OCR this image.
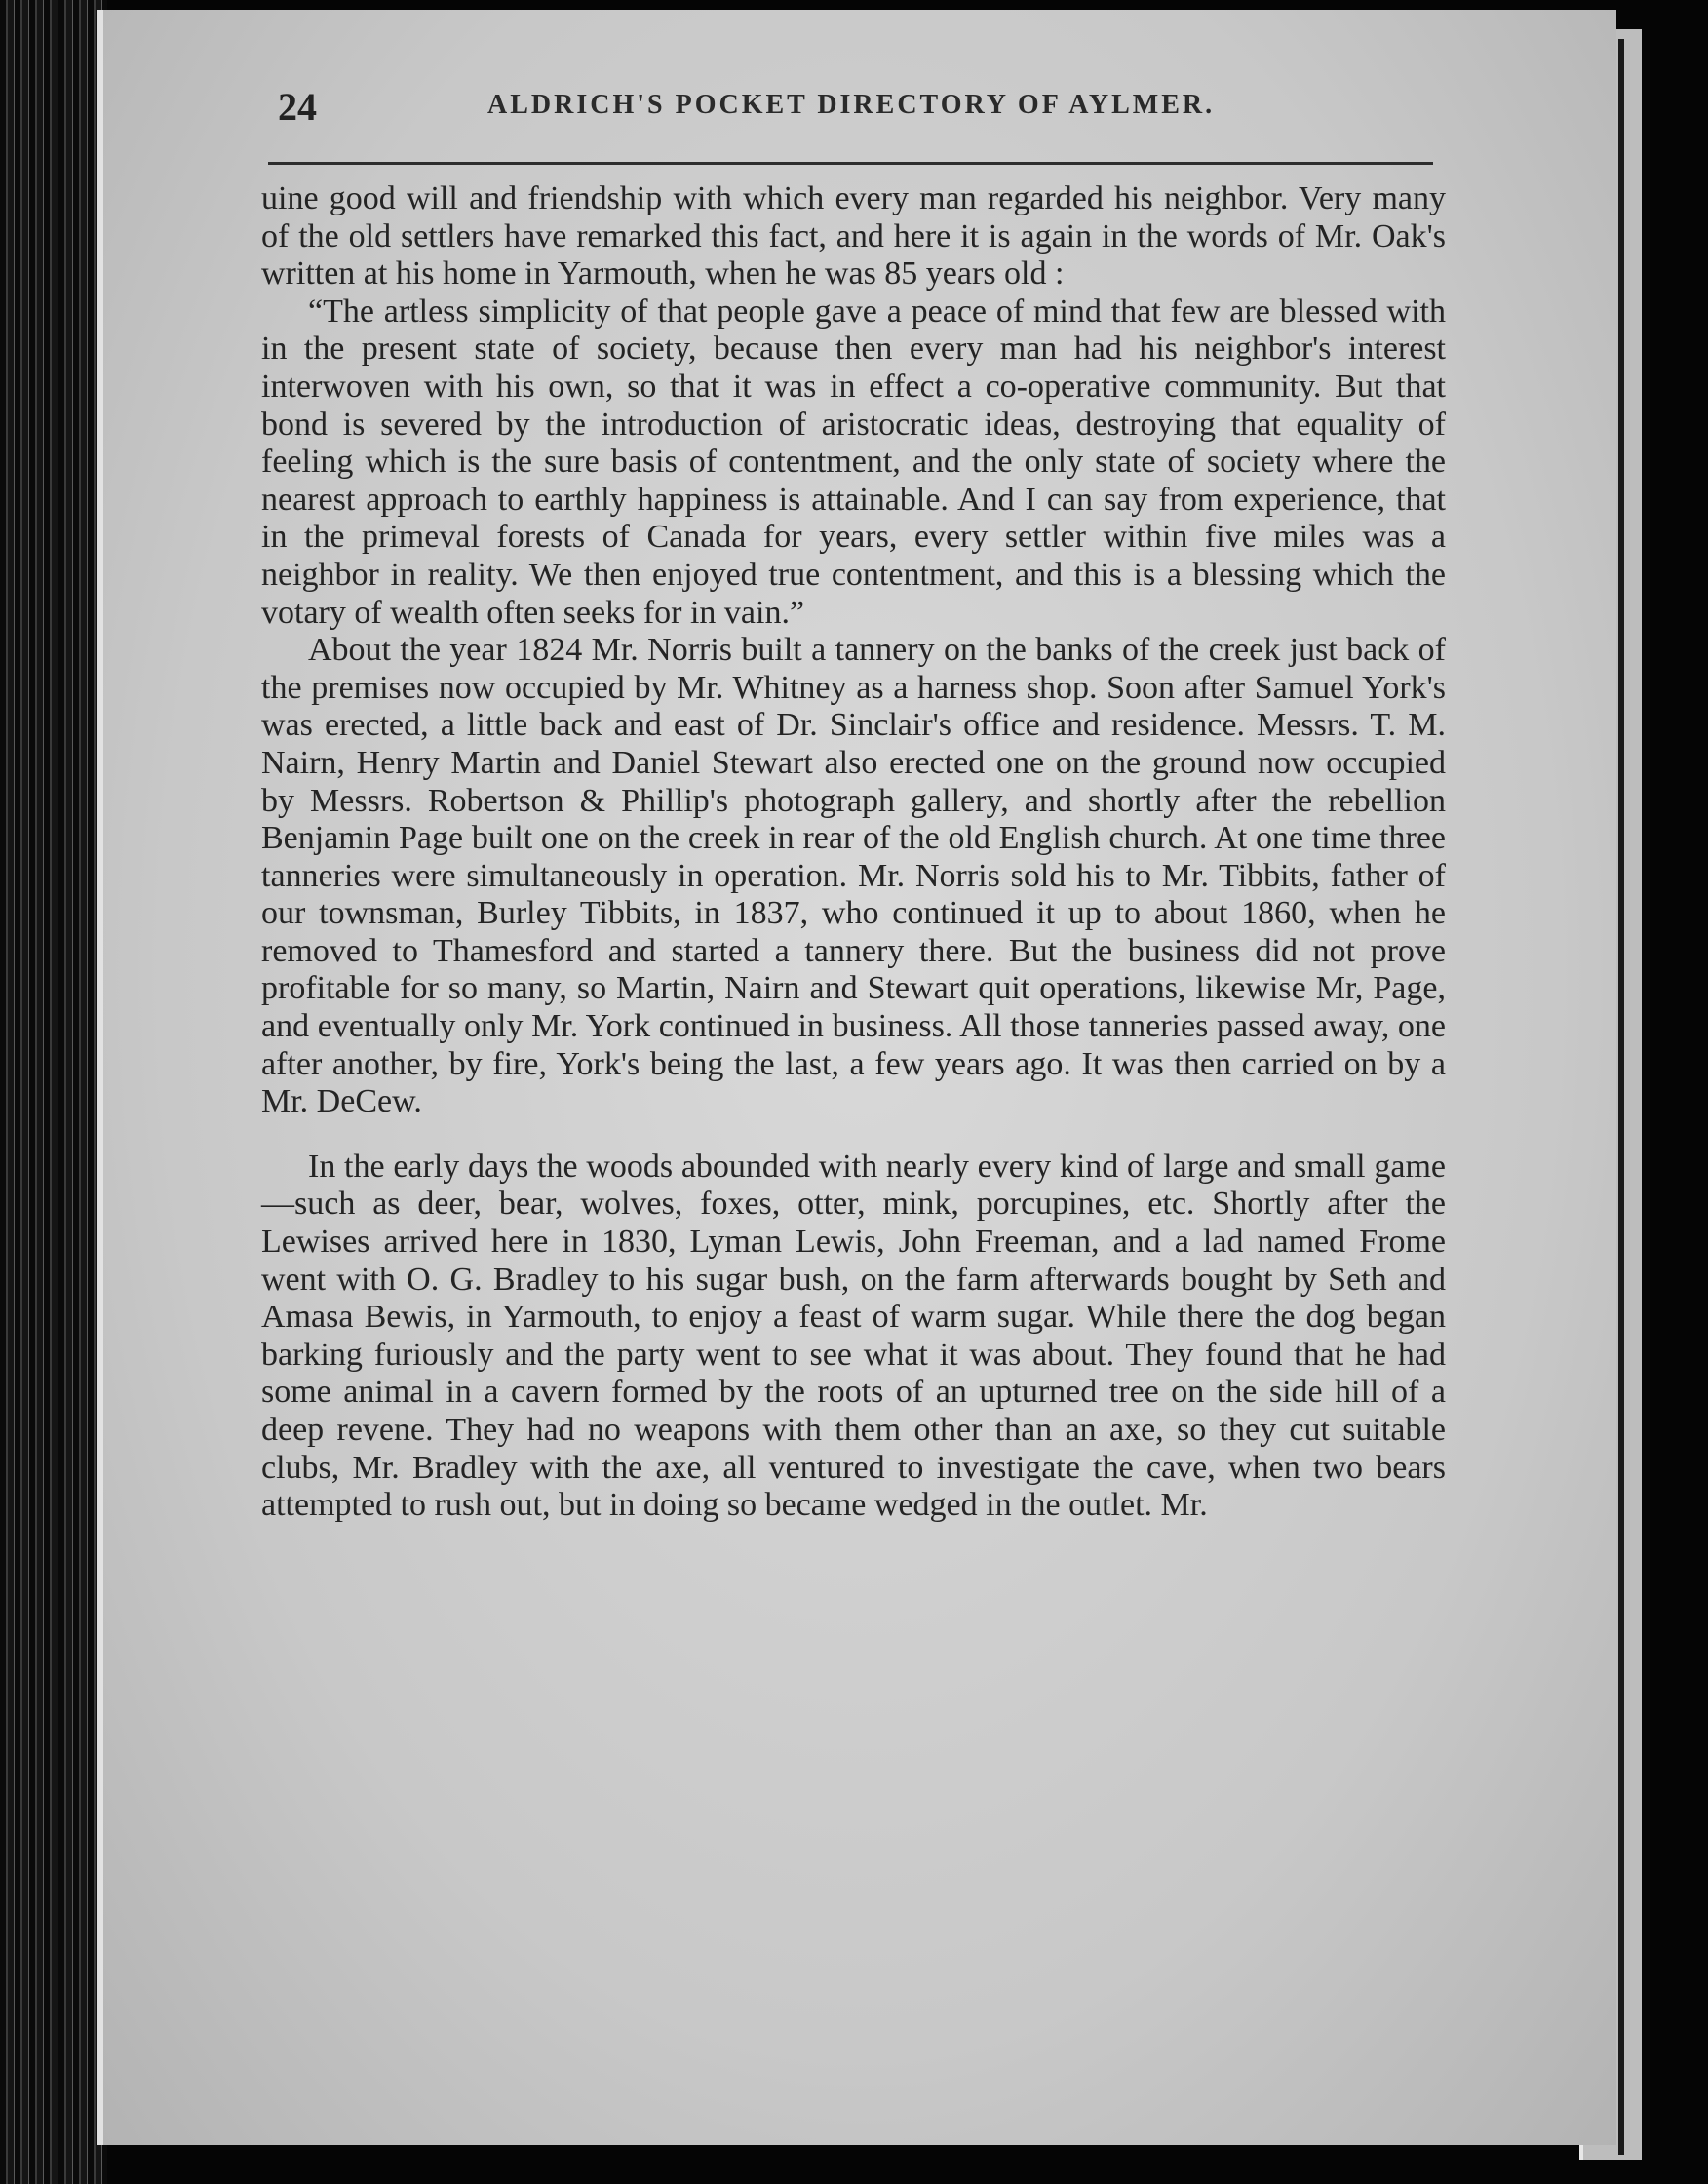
24	ALDRICH'S POCKET DIRECTORY OF AYLMER.

uine good will and friendship with which every man regarded his neighbor. Very many of the old settlers have remarked this fact, and here it is again in the words of Mr. Oak's written at his home in Yarmouth, when he was 85 years old :

“The artless simplicity of that people gave a peace of mind that few are blessed with in the present state of society, because then every man had his neighbor's interest interwoven with his own, so that it was in effect a co-operative community. But that bond is severed by the introduction of aristocratic ideas, destroying that equality of feeling which is the sure basis of contentment, and the only state of society where the nearest approach to earthly happiness is attainable. And I can say from experience, that in the primeval forests of Canada for years, every settler within five miles was a neighbor in reality. We then enjoyed true contentment, and this is a blessing which the votary of wealth often seeks for in vain.”

About the year 1824 Mr. Norris built a tannery on the banks of the creek just back of the premises now occupied by Mr. Whitney as a harness shop. Soon after Samuel York's was erected, a little back and east of Dr. Sinclair's office and residence. Messrs. T. M. Nairn, Henry Martin and Daniel Stewart also erected one on the ground now occupied by Messrs. Robertson & Phillip's photograph gallery, and shortly after the rebellion Benjamin Page built one on the creek in rear of the old English church. At one time three tanneries were simultaneously in operation. Mr. Norris sold his to Mr. Tibbits, father of our townsman, Burley Tibbits, in 1837, who continued it up to about 1860, when he removed to Thamesford and started a tannery there. But the business did not prove profitable for so many, so Martin, Nairn and Stewart quit operations, likewise Mr, Page, and eventually only Mr. York continued in business. All those tanneries passed away, one after another, by fire, York's being the last, a few years ago. It was then carried on by a Mr. DeCew.

In the early days the woods abounded with nearly every kind of large and small game—such as deer, bear, wolves, foxes, otter, mink, porcupines, etc. Shortly after the Lewises arrived here in 1830, Lyman Lewis, John Freeman, and a lad named Frome went with O. G. Bradley to his sugar bush, on the farm afterwards bought by Seth and Amasa Bewis, in Yarmouth, to enjoy a feast of warm sugar. While there the dog began barking furiously and the party went to see what it was about. They found that he had some animal in a cavern formed by the roots of an upturned tree on the side hill of a deep revene. They had no weapons with them other than an axe, so they cut suitable clubs, Mr. Bradley with the axe, all ventured to investigate the cave, when two bears attempted to rush out, but in doing so became wedged in the outlet. Mr.
